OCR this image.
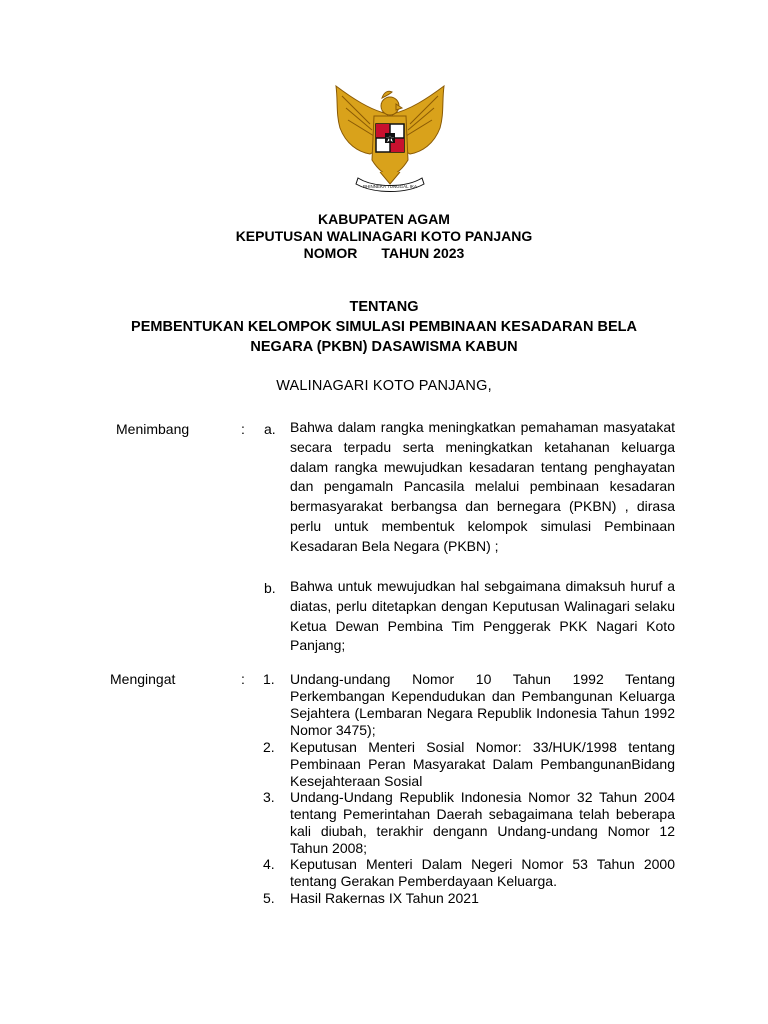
BHINNEKA TUNGGAL IKA
KABUPATEN AGAM
KEPUTUSAN WALINAGARI KOTO PANJANG
NOMOR TAHUN 2023
TENTANG
PEMBENTUKAN KELOMPOK SIMULASI PEMBINAAN KESADARAN BELA
NEGARA (PKBN) DASAWISMA KABUN
WALINAGARI KOTO PANJANG,
Menimbang	: a. Bahwa dalam rangka meningkatkan pemahaman masyatakat secara terpadu serta meningkatkan ketahanan keluarga dalam rangka mewujudkan kesadaran tentang penghayatan dan pengamaln Pancasila melalui pembinaan kesadaran bermasyarakat berbangsa dan bernegara (PKBN) , dirasa perlu untuk membentuk kelompok simulasi Pembinaan Kesadaran Bela Negara (PKBN) ;
b. Bahwa untuk mewujudkan hal sebgaimana dimaksuh huruf a diatas, perlu ditetapkan dengan Keputusan Walinagari selaku Ketua Dewan Pembina Tim Penggerak PKK Nagari Koto Panjang;
Mengingat	: 1. Undang-undang Nomor 10 Tahun 1992 Tentang Perkembangan Kependudukan dan Pembangunan Keluarga Sejahtera (Lembaran Negara Republik Indonesia Tahun 1992 Nomor 3475);
2. Keputusan Menteri Sosial Nomor: 33/HUK/1998 tentang Pembinaan Peran Masyarakat Dalam PembangunanBidang Kesejahteraan Sosial
3. Undang-Undang Republik Indonesia Nomor 32 Tahun 2004 tentang Pemerintahan Daerah sebagaimana telah beberapa kali diubah, terakhir dengann Undang-undang Nomor 12 Tahun 2008;
4. Keputusan Menteri Dalam Negeri Nomor 53 Tahun 2000 tentang Gerakan Pemberdayaan Keluarga.
5. Hasil Rakernas IX Tahun 2021
